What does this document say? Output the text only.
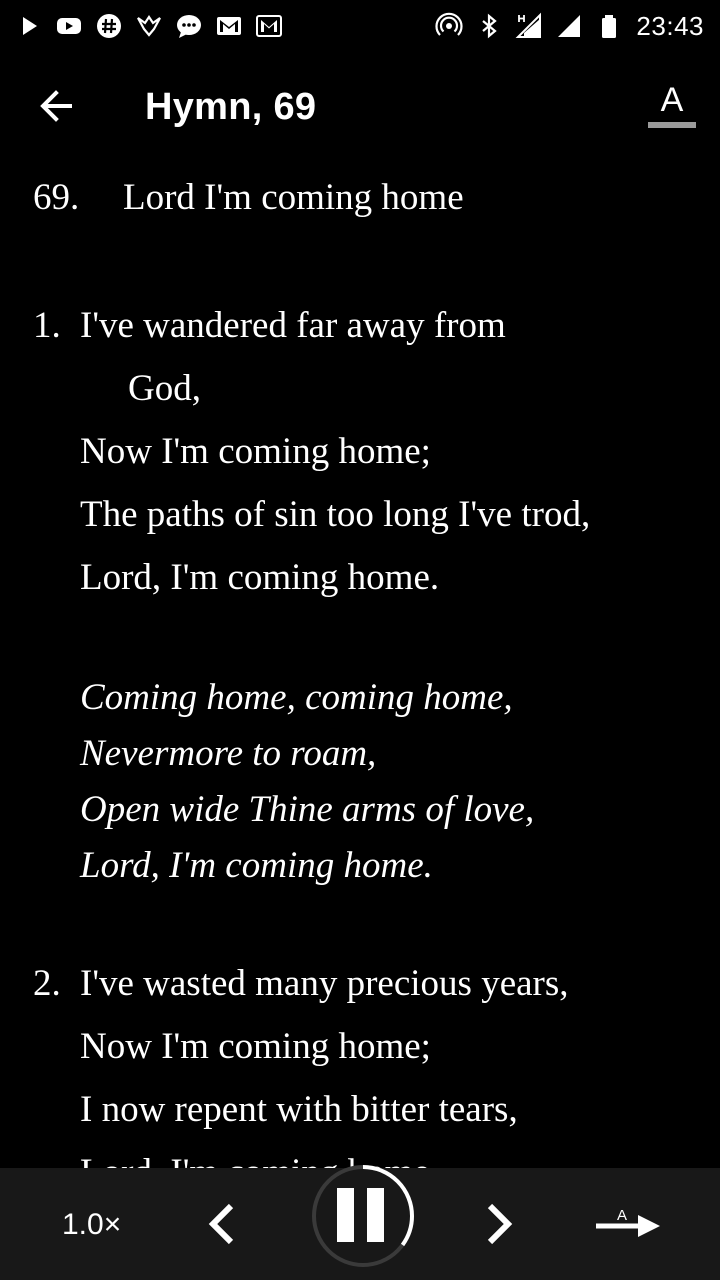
23:43
Hymn, 69	A
69. Lord I'm coming home
1. I've wandered far away from
God,
Now I'm coming home;
The paths of sin too long I've trod,
Lord, I'm coming home.
Coming home, coming home,
Nevermore to roam,
Open wide Thine arms of love,
Lord, I'm coming home.
2. I've wasted many precious years,
Now I'm coming home;
I now repent with bitter tears,
1.0×	A
